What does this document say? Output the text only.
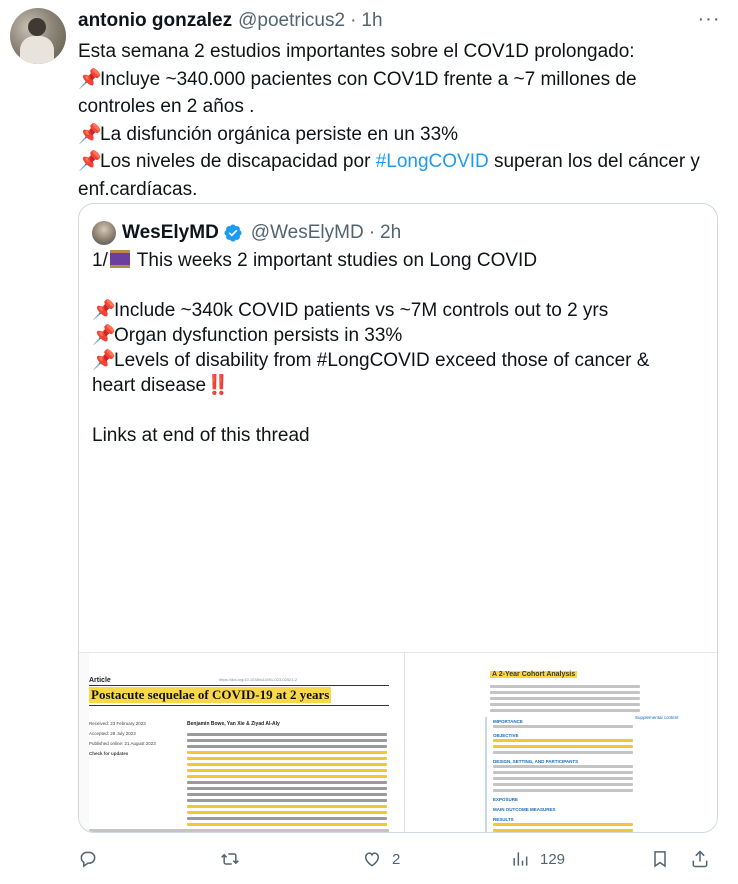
antonio gonzalez @poetricus2 · 1h	···
Esta semana 2 estudios importantes sobre el COV1D prolongado:
📌Incluye ~340.000 pacientes con COV1D frente a ~7 millones de
controles en 2 años .
📌La disfunción orgánica persiste en un 33%
📌Los niveles de discapacidad por #LongCOVID superan los del cáncer y
enf.cardíacas.
WesElyMD @WesElyMD · 2h
1/ This weeks 2 important studies on Long COVID
📌Include ~340k COVID patients vs ~7M controls out to 2 yrs
📌Organ dysfunction persists in 33%
📌Levels of disability from #LongCOVID exceed those of cancer &
heart disease‼️
Links at end of this thread
Article	https://doi.org/10.1038/s41591-023-02521-2
Postacute sequelae of COVID-19 at 2 years
Received: 23 February 2023
Accepted: 28 July 2023
Published online: 21 August 2023
Check for updates
Benjamin Bowe, Yan Xie & Ziyad Al-Aly
A 2-Year Cohort Analysis
Supplemental content
IMPORTANCE
OBJECTIVE
DESIGN, SETTING, AND PARTICIPANTS
EXPOSURE
MAIN OUTCOME MEASURES
RESULTS
2	129
